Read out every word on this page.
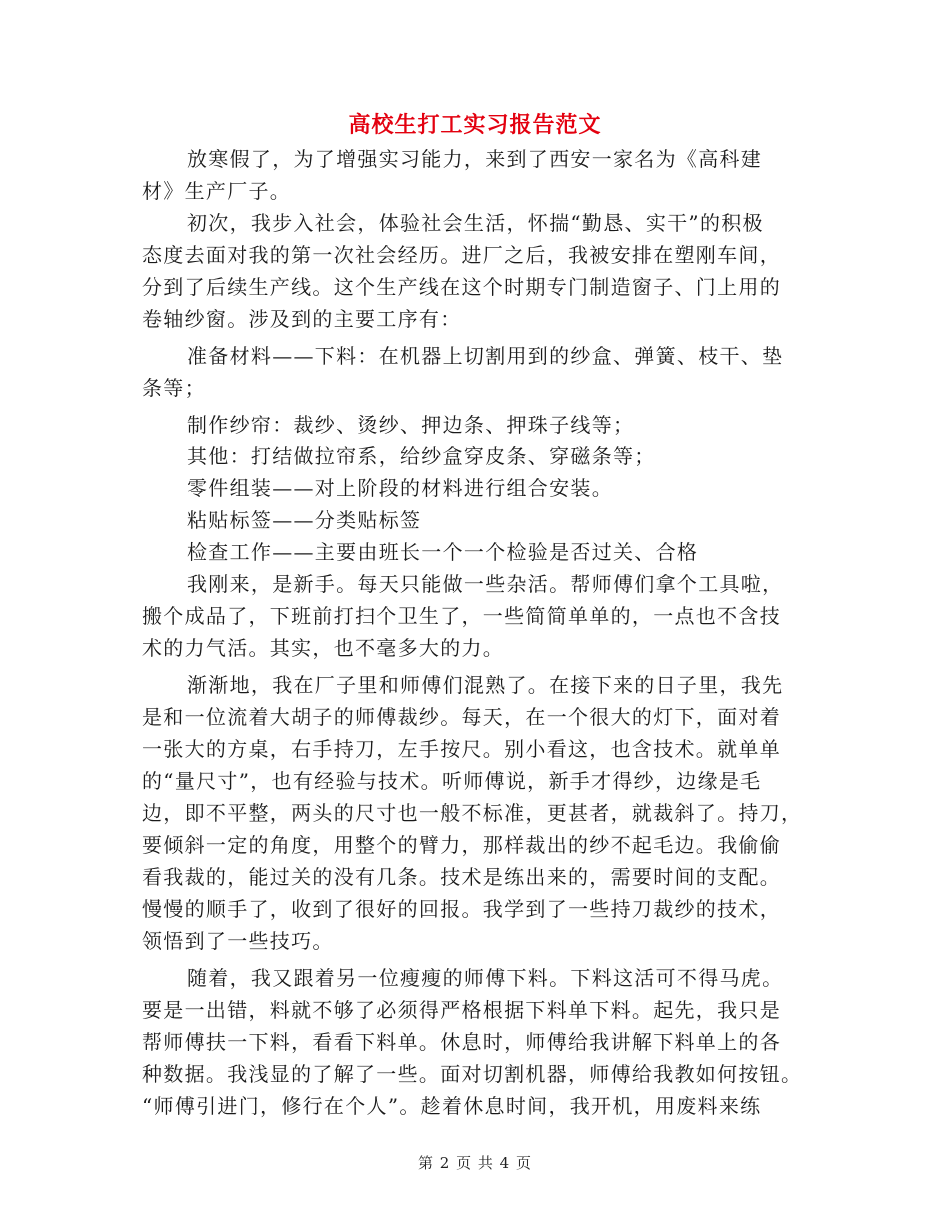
高校生打工实习报告范文
放寒假了，为了增强实习能力，来到了西安一家名为《高科建
材》生产厂子。
初次，我步入社会，体验社会生活，怀揣“勤恳、实干”的积极
态度去面对我的第一次社会经历。进厂之后，我被安排在塑刚车间，
分到了后续生产线。这个生产线在这个时期专门制造窗子、门上用的
卷轴纱窗。涉及到的主要工序有：
准备材料——下料：在机器上切割用到的纱盒、弹簧、枝干、垫
条等；
制作纱帘：裁纱、烫纱、押边条、押珠子线等；
其他：打结做拉帘系，给纱盒穿皮条、穿磁条等；
零件组装——对上阶段的材料进行组合安装。
粘贴标签——分类贴标签
检查工作——主要由班长一个一个检验是否过关、合格
我刚来，是新手。每天只能做一些杂活。帮师傅们拿个工具啦，
搬个成品了，下班前打扫个卫生了，一些简简单单的，一点也不含技
术的力气活。其实，也不毫多大的力。
渐渐地，我在厂子里和师傅们混熟了。在接下来的日子里，我先
是和一位流着大胡子的师傅裁纱。每天，在一个很大的灯下，面对着
一张大的方桌，右手持刀，左手按尺。别小看这，也含技术。就单单
的“量尺寸”，也有经验与技术。听师傅说，新手才得纱，边缘是毛
边，即不平整，两头的尺寸也一般不标准，更甚者，就裁斜了。持刀，
要倾斜一定的角度，用整个的臂力，那样裁出的纱不起毛边。我偷偷
看我裁的，能过关的没有几条。技术是练出来的，需要时间的支配。
慢慢的顺手了，收到了很好的回报。我学到了一些持刀裁纱的技术，
领悟到了一些技巧。
随着，我又跟着另一位瘦瘦的师傅下料。下料这活可不得马虎。
要是一出错，料就不够了必须得严格根据下料单下料。起先，我只是
帮师傅扶一下料，看看下料单。休息时，师傅给我讲解下料单上的各
种数据。我浅显的了解了一些。面对切割机器，师傅给我教如何按钮。
“师傅引进门，修行在个人”。趁着休息时间，我开机，用废料来练
第 2 页 共 4 页
